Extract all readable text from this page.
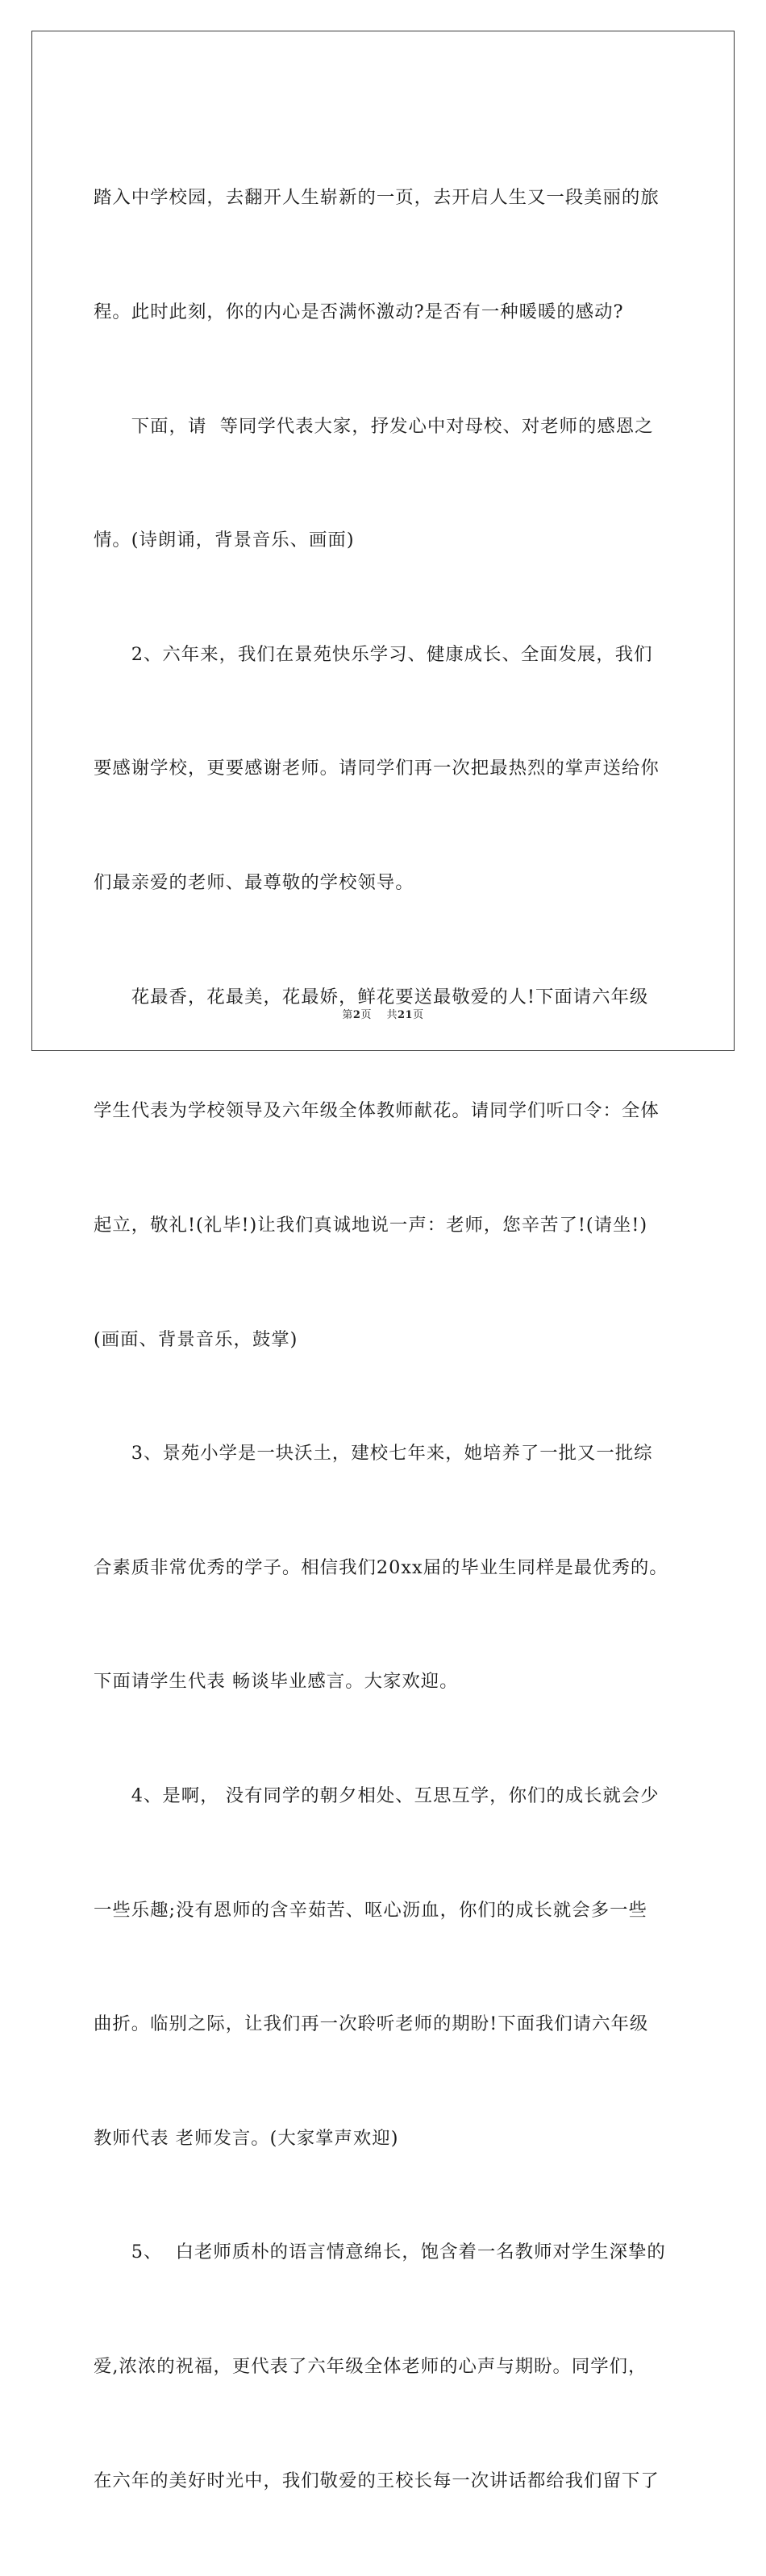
踏入中学校园，去翻开人生崭新的一页，去开启人生又一段美丽的旅

程。此时此刻，你的内心是否满怀激动?是否有一种暖暖的感动?

　　下面，请  等同学代表大家，抒发心中对母校、对老师的感恩之

情。(诗朗诵，背景音乐、画面)

　　2、六年来，我们在景苑快乐学习、健康成长、全面发展，我们

要感谢学校，更要感谢老师。请同学们再一次把最热烈的掌声送给你

们最亲爱的老师、最尊敬的学校领导。

　　花最香，花最美，花最娇，鲜花要送最敬爱的人!下面请六年级

学生代表为学校领导及六年级全体教师献花。请同学们听口令：全体

起立，敬礼!(礼毕!)让我们真诚地说一声：老师，您辛苦了!(请坐!)

(画面、背景音乐，鼓掌)

　　3、景苑小学是一块沃土，建校七年来，她培养了一批又一批综

合素质非常优秀的学子。相信我们20xx届的毕业生同样是最优秀的。

下面请学生代表 畅谈毕业感言。大家欢迎。

　　4、是啊， 没有同学的朝夕相处、互思互学，你们的成长就会少

一些乐趣;没有恩师的含辛茹苦、呕心沥血，你们的成长就会多一些

曲折。临别之际，让我们再一次聆听老师的期盼!下面我们请六年级

教师代表 老师发言。(大家掌声欢迎)

　　5、  白老师质朴的语言情意绵长，饱含着一名教师对学生深挚的

爱,浓浓的祝福，更代表了六年级全体老师的心声与期盼。同学们，

在六年的美好时光中，我们敬爱的王校长每一次讲话都给我们留下了

第2页 共21页
